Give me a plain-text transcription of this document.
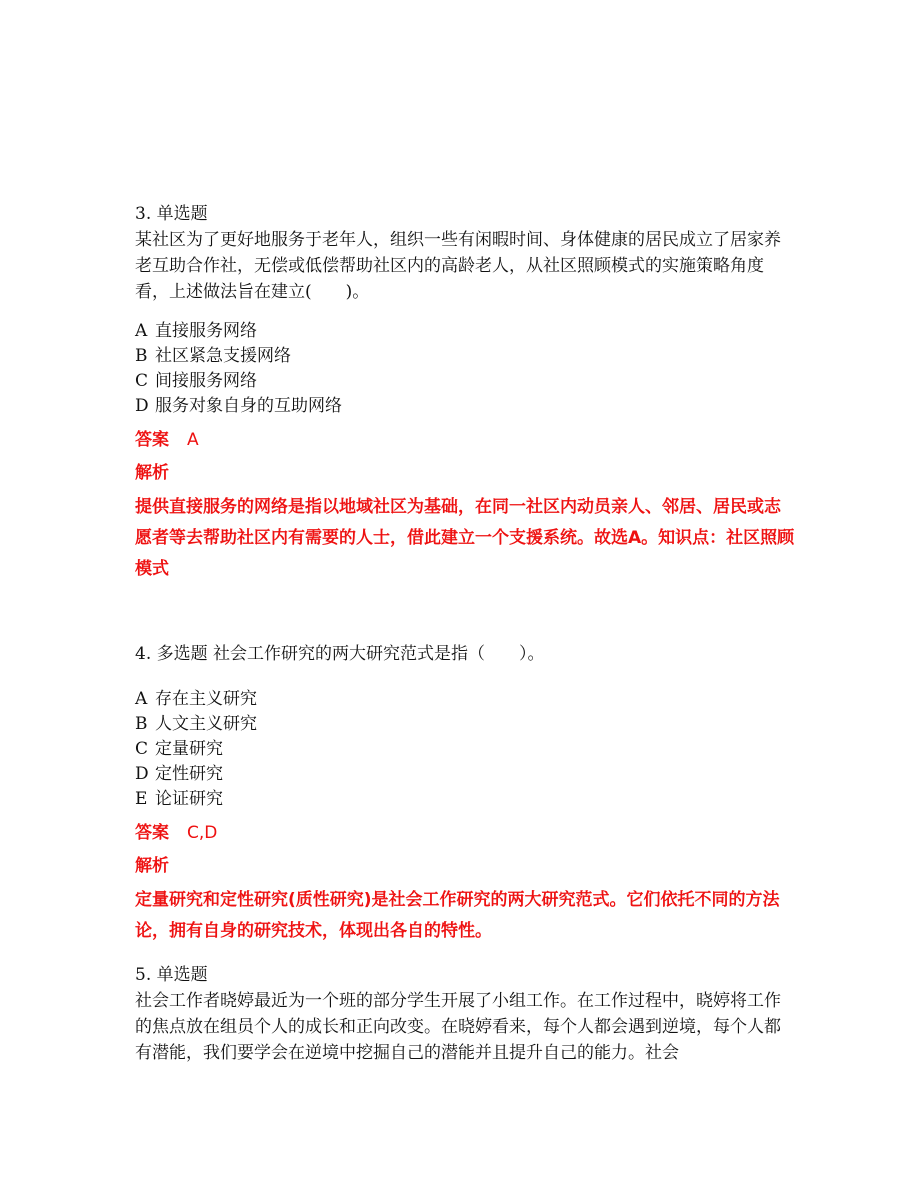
3. 单选题

某社区为了更好地服务于老年人，组织一些有闲暇时间、身体健康的居民成立了居家养老互助合作社，无偿或低偿帮助社区内的高龄老人，从社区照顾模式的实施策略角度看，上述做法旨在建立(　　)。

A 直接服务网络

B 社区紧急支援网络

C 间接服务网络

D 服务对象自身的互助网络

答案 A
解析
提供直接服务的网络是指以地域社区为基础，在同一社区内动员亲人、邻居、居民或志愿者等去帮助社区内有需要的人士，借此建立一个支援系统。故选A。知识点：社区照顾模式

4. 多选题 社会工作研究的两大研究范式是指（　　）。

A 存在主义研究

B 人文主义研究

C 定量研究

D 定性研究

E 论证研究

答案 C,D
解析
定量研究和定性研究(质性研究)是社会工作研究的两大研究范式。它们依托不同的方法论，拥有自身的研究技术，体现出各自的特性。

5. 单选题

社会工作者晓婷最近为一个班的部分学生开展了小组工作。在工作过程中，晓婷将工作的焦点放在组员个人的成长和正向改变。在晓婷看来，每个人都会遇到逆境，每个人都有潜能，我们要学会在逆境中挖掘自己的潜能并且提升自己的能力。社会
